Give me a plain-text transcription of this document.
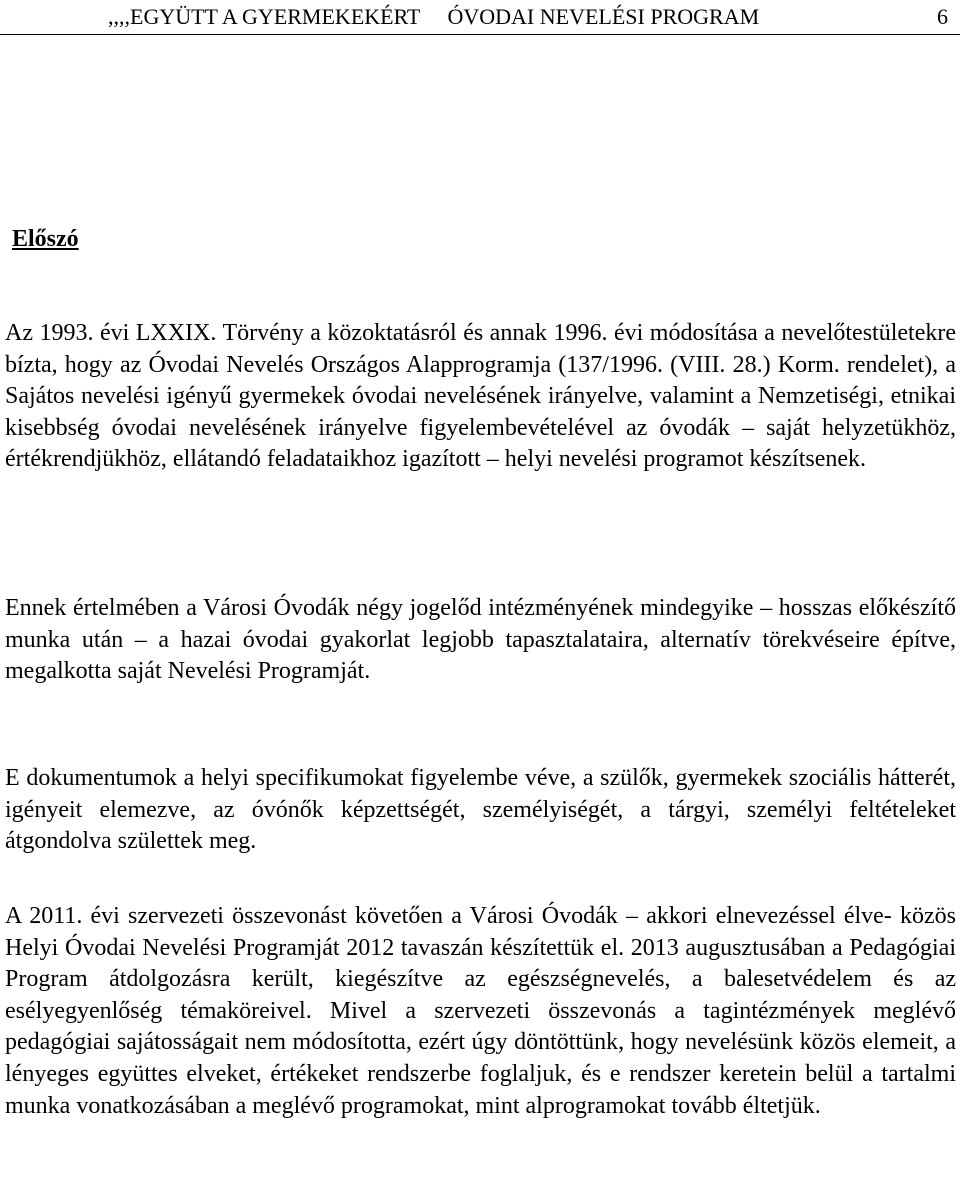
,,,,EGYÜTT A GYERMEKEKÉRT     ÓVODAI NEVELÉSI PROGRAM	6
Előszó

Az 1993. évi LXXIX. Törvény a közoktatásról és annak 1996. évi módosítása a nevelőtestületekre bízta, hogy az Óvodai Nevelés Országos Alapprogramja (137/1996. (VIII. 28.) Korm. rendelet), a Sajátos nevelési igényű gyermekek óvodai nevelésének irányelve, valamint a Nemzetiségi, etnikai kisebbség óvodai nevelésének irányelve figyelembevételével az óvodák – saját helyzetükhöz, értékrendjükhöz, ellátandó feladataikhoz igazított – helyi nevelési programot készítsenek.

Ennek értelmében a Városi Óvodák négy jogelőd intézményének mindegyike – hosszas előkészítő munka után – a hazai óvodai gyakorlat legjobb tapasztalataira, alternatív törekvéseire építve, megalkotta saját Nevelési Programját.

E dokumentumok a helyi specifikumokat figyelembe véve, a szülők, gyermekek szociális hátterét, igényeit elemezve, az óvónők képzettségét, személyiségét, a tárgyi, személyi feltételeket átgondolva születtek meg.

A 2011. évi szervezeti összevonást követően a Városi Óvodák – akkori elnevezéssel élve- közös Helyi Óvodai Nevelési Programját 2012 tavaszán készítettük el. 2013 augusztusában a Pedagógiai Program átdolgozásra került, kiegészítve az egészségnevelés, a balesetvédelem és az esélyegyenlőség témaköreivel. Mivel a szervezeti összevonás a tagintézmények meglévő pedagógiai sajátosságait nem módosította, ezért úgy döntöttünk, hogy nevelésünk közös elemeit, a lényeges együttes elveket, értékeket rendszerbe foglaljuk, és e rendszer keretein belül a tartalmi munka vonatkozásában a meglévő programokat, mint alprogramokat tovább éltetjük.
